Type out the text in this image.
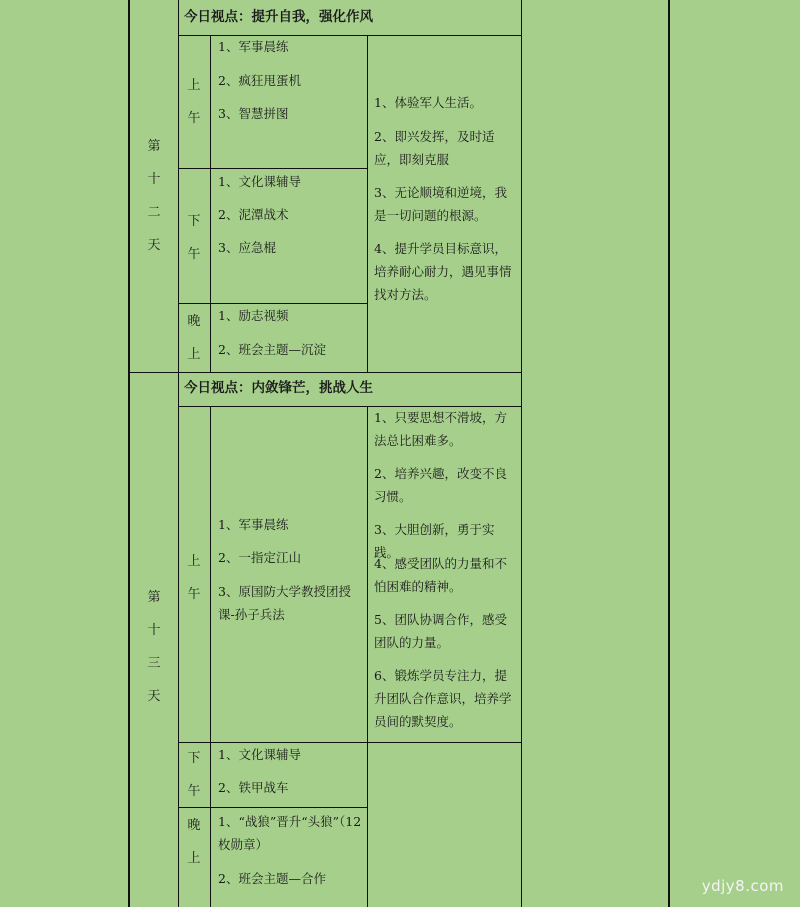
第
十二
天
今日视点：提升自我，强化作风
上
午
1、军事晨练
2、疯狂甩蛋机
3、智慧拼图
下
午
1、文化课辅导
2、泥潭战术
3、应急棍
晚
上
1、励志视频
2、班会主题—沉淀
1、体验军人生活。
2、即兴发挥，及时适应，即刻克服
3、无论顺境和逆境，我是一切问题的根源。
4、提升学员目标意识，培养耐心耐力，遇见事情找对方法。
第
十三
天
今日视点：内敛锋芒，挑战人生
上
午
1、军事晨练
2、一指定江山
3、原国防大学教授团授课-孙子兵法
下
午
1、文化课辅导
2、铁甲战车
晚
上
1、“战狼”晋升“头狼”（12 枚勋章）
2、班会主题—合作
1、只要思想不滑坡，方法总比困难多。
2、培养兴趣，改变不良习惯。
3、大胆创新，勇于实践。
4、感受团队的力量和不怕困难的精神。
5、团队协调合作，感受团队的力量。
6、锻炼学员专注力，提升团队合作意识，培养学员间的默契度。
ydjy8.com
